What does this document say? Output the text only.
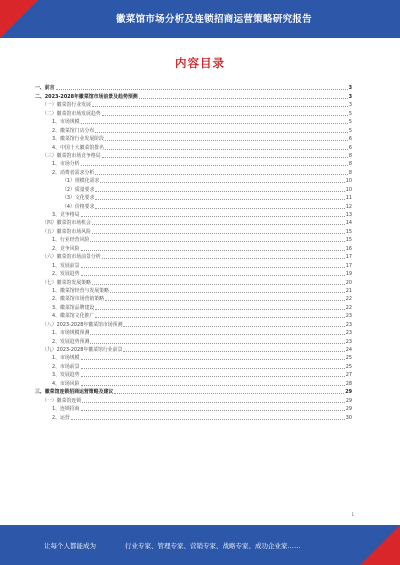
徽菜馆市场分析及连锁招商运营策略研究报告
内容目录
一、前言	3
二、2023-2028年徽菜馆市场前景及趋势预测	3
（一）徽菜馆行业发展	3
（二）徽菜馆市场发展趋势	5
1、市场规模	5
2、徽菜馆门店分布	5
3、徽菜馆行业发展阶段	6
4、中国十大徽菜馆排名	6
（三）徽菜馆市场竞争格局	8
1、市场分析	8
2、消费者需求分析	8
（1）规模化需求	10
（2）质量要求	10
（3）文化要求	11
（4）价格要求	12
3、竞争格局	13
（四）徽菜馆市场机会	14
（五）徽菜馆市场风险	15
1、行业经营风险	15
2、竞争风险	16
（六）徽菜馆市场前景分析	17
1、发展前景	17
2、发展趋势	19
（七）徽菜馆发展策略	20
1、徽菜馆经营与发展策略	21
2、徽菜馆市场营销策略	22
3、徽菜馆品牌建设	22
4、徽菜馆文化推广	23
（八）2023-2028年徽菜馆市场预测	23
1、市场规模预测	23
2、发展趋势预测	23
（九）2023-2028年徽菜馆行业前景	24
1、市场规模	25
2、市场前景	25
3、发展趋势	27
4、市场风险	28
三、徽菜馆连锁招商运营策略及建议	29
（一）徽菜馆连锁	29
1、连锁招商	29
2、运营	30
1
让每个人都能成为	行业专家、管理专家、营销专家、战略专家、成功企业家……
